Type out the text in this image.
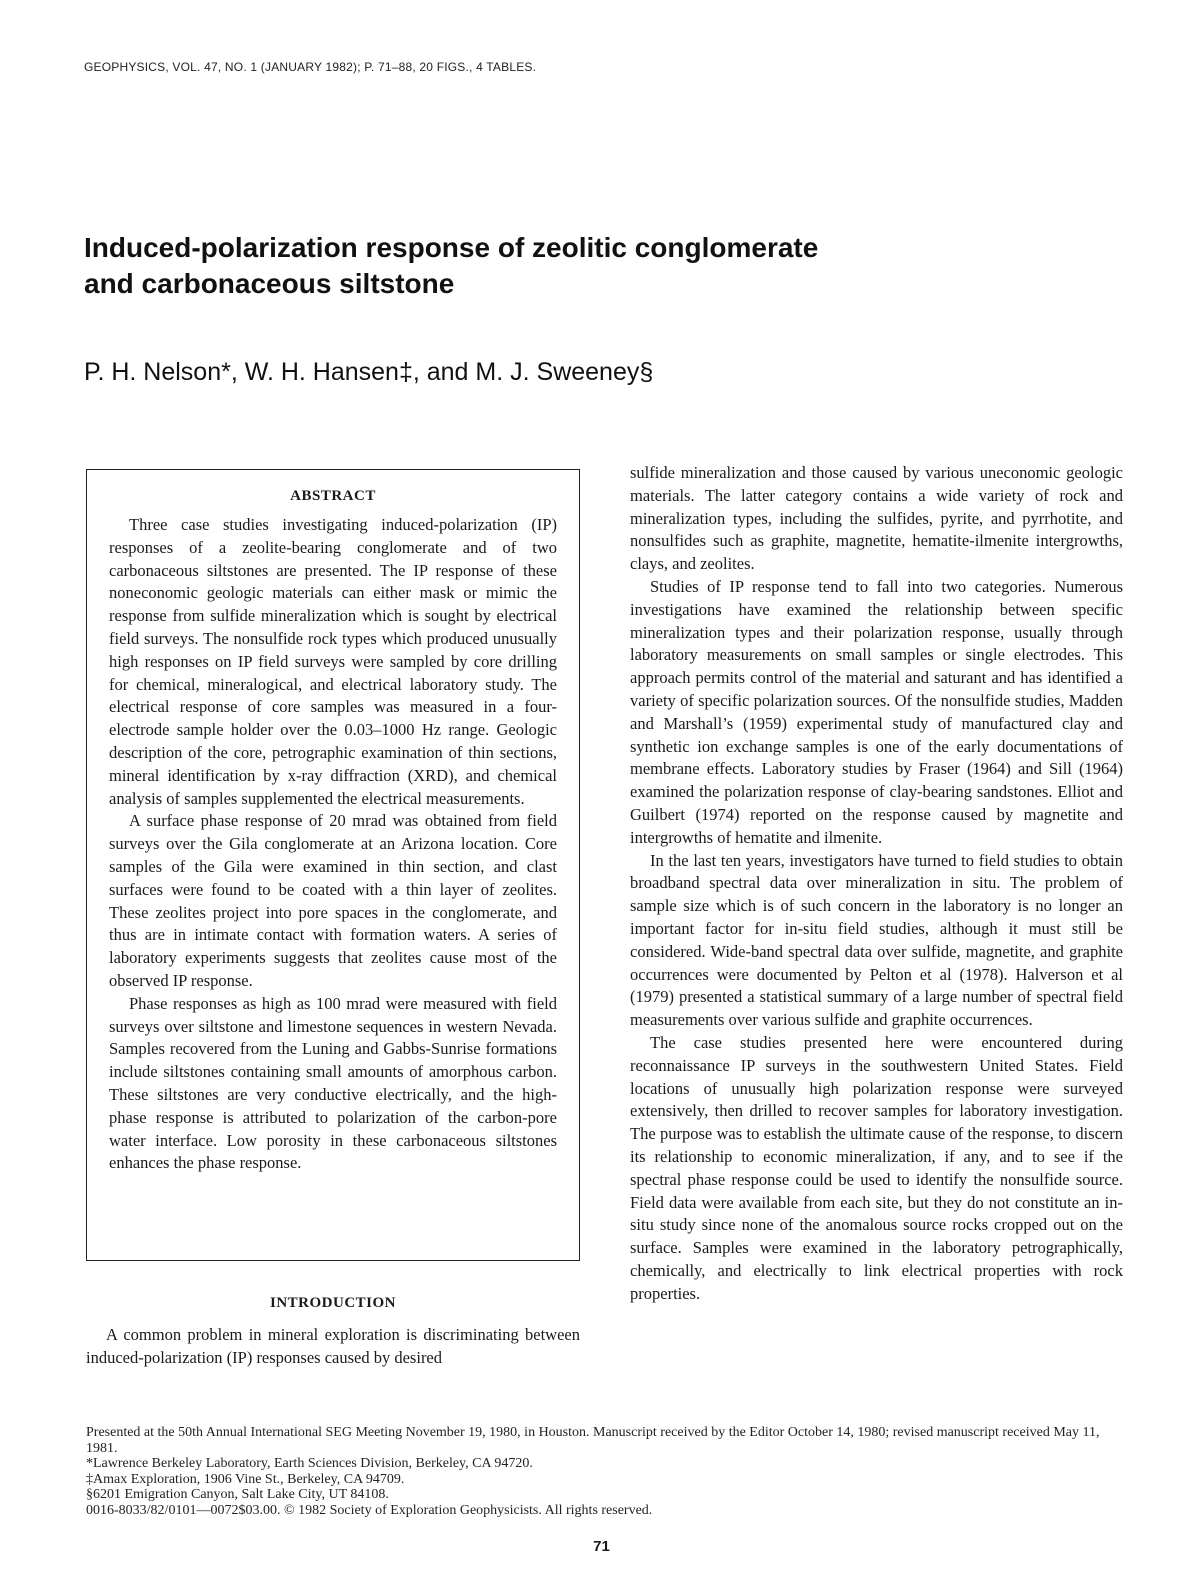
GEOPHYSICS, VOL. 47, NO. 1 (JANUARY 1982); P. 71–88, 20 FIGS., 4 TABLES.
Induced-polarization response of zeolitic conglomerate
and carbonaceous siltstone
P. H. Nelson*, W. H. Hansen‡, and M. J. Sweeney§
ABSTRACT

Three case studies investigating induced-polarization (IP) responses of a zeolite-bearing conglomerate and of two carbonaceous siltstones are presented. The IP response of these noneconomic geologic materials can either mask or mimic the response from sulfide mineralization which is sought by electrical field surveys. The nonsulfide rock types which produced unusually high responses on IP field surveys were sampled by core drilling for chemical, mineralogical, and electrical laboratory study. The electrical response of core samples was measured in a four-electrode sample holder over the 0.03–1000 Hz range. Geologic description of the core, petrographic examination of thin sections, mineral identification by x-ray diffraction (XRD), and chemical analysis of samples supplemented the electrical measurements.

A surface phase response of 20 mrad was obtained from field surveys over the Gila conglomerate at an Arizona location. Core samples of the Gila were examined in thin section, and clast surfaces were found to be coated with a thin layer of zeolites. These zeolites project into pore spaces in the conglomerate, and thus are in intimate contact with formation waters. A series of laboratory experiments suggests that zeolites cause most of the observed IP response.

Phase responses as high as 100 mrad were measured with field surveys over siltstone and limestone sequences in western Nevada. Samples recovered from the Luning and Gabbs-Sunrise formations include siltstones containing small amounts of amorphous carbon. These siltstones are very conductive electrically, and the high-phase response is attributed to polarization of the carbon-pore water interface. Low porosity in these carbonaceous siltstones enhances the phase response.

INTRODUCTION

A common problem in mineral exploration is discriminating between induced-polarization (IP) responses caused by desired

sulfide mineralization and those caused by various uneconomic geologic materials. The latter category contains a wide variety of rock and mineralization types, including the sulfides, pyrite, and pyrrhotite, and nonsulfides such as graphite, magnetite, hematite-ilmenite intergrowths, clays, and zeolites.

Studies of IP response tend to fall into two categories. Numerous investigations have examined the relationship between specific mineralization types and their polarization response, usually through laboratory measurements on small samples or single electrodes. This approach permits control of the material and saturant and has identified a variety of specific polarization sources. Of the nonsulfide studies, Madden and Marshall’s (1959) experimental study of manufactured clay and synthetic ion exchange samples is one of the early documentations of membrane effects. Laboratory studies by Fraser (1964) and Sill (1964) examined the polarization response of clay-bearing sandstones. Elliot and Guilbert (1974) reported on the response caused by magnetite and intergrowths of hematite and ilmenite.

In the last ten years, investigators have turned to field studies to obtain broadband spectral data over mineralization in situ. The problem of sample size which is of such concern in the laboratory is no longer an important factor for in-situ field studies, although it must still be considered. Wide-band spectral data over sulfide, magnetite, and graphite occurrences were documented by Pelton et al (1978). Halverson et al (1979) presented a statistical summary of a large number of spectral field measurements over various sulfide and graphite occurrences.

The case studies presented here were encountered during reconnaissance IP surveys in the southwestern United States. Field locations of unusually high polarization response were surveyed extensively, then drilled to recover samples for laboratory investigation. The purpose was to establish the ultimate cause of the response, to discern its relationship to economic mineralization, if any, and to see if the spectral phase response could be used to identify the nonsulfide source. Field data were available from each site, but they do not constitute an in-situ study since none of the anomalous source rocks cropped out on the surface. Samples were examined in the laboratory petrographically, chemically, and electrically to link electrical properties with rock properties.

Presented at the 50th Annual International SEG Meeting November 19, 1980, in Houston. Manuscript received by the Editor October 14, 1980; revised manuscript received May 11, 1981.
*Lawrence Berkeley Laboratory, Earth Sciences Division, Berkeley, CA 94720.
‡Amax Exploration, 1906 Vine St., Berkeley, CA 94709.
§6201 Emigration Canyon, Salt Lake City, UT 84108.
0016-8033/82/0101—0072$03.00. © 1982 Society of Exploration Geophysicists. All rights reserved.
71
